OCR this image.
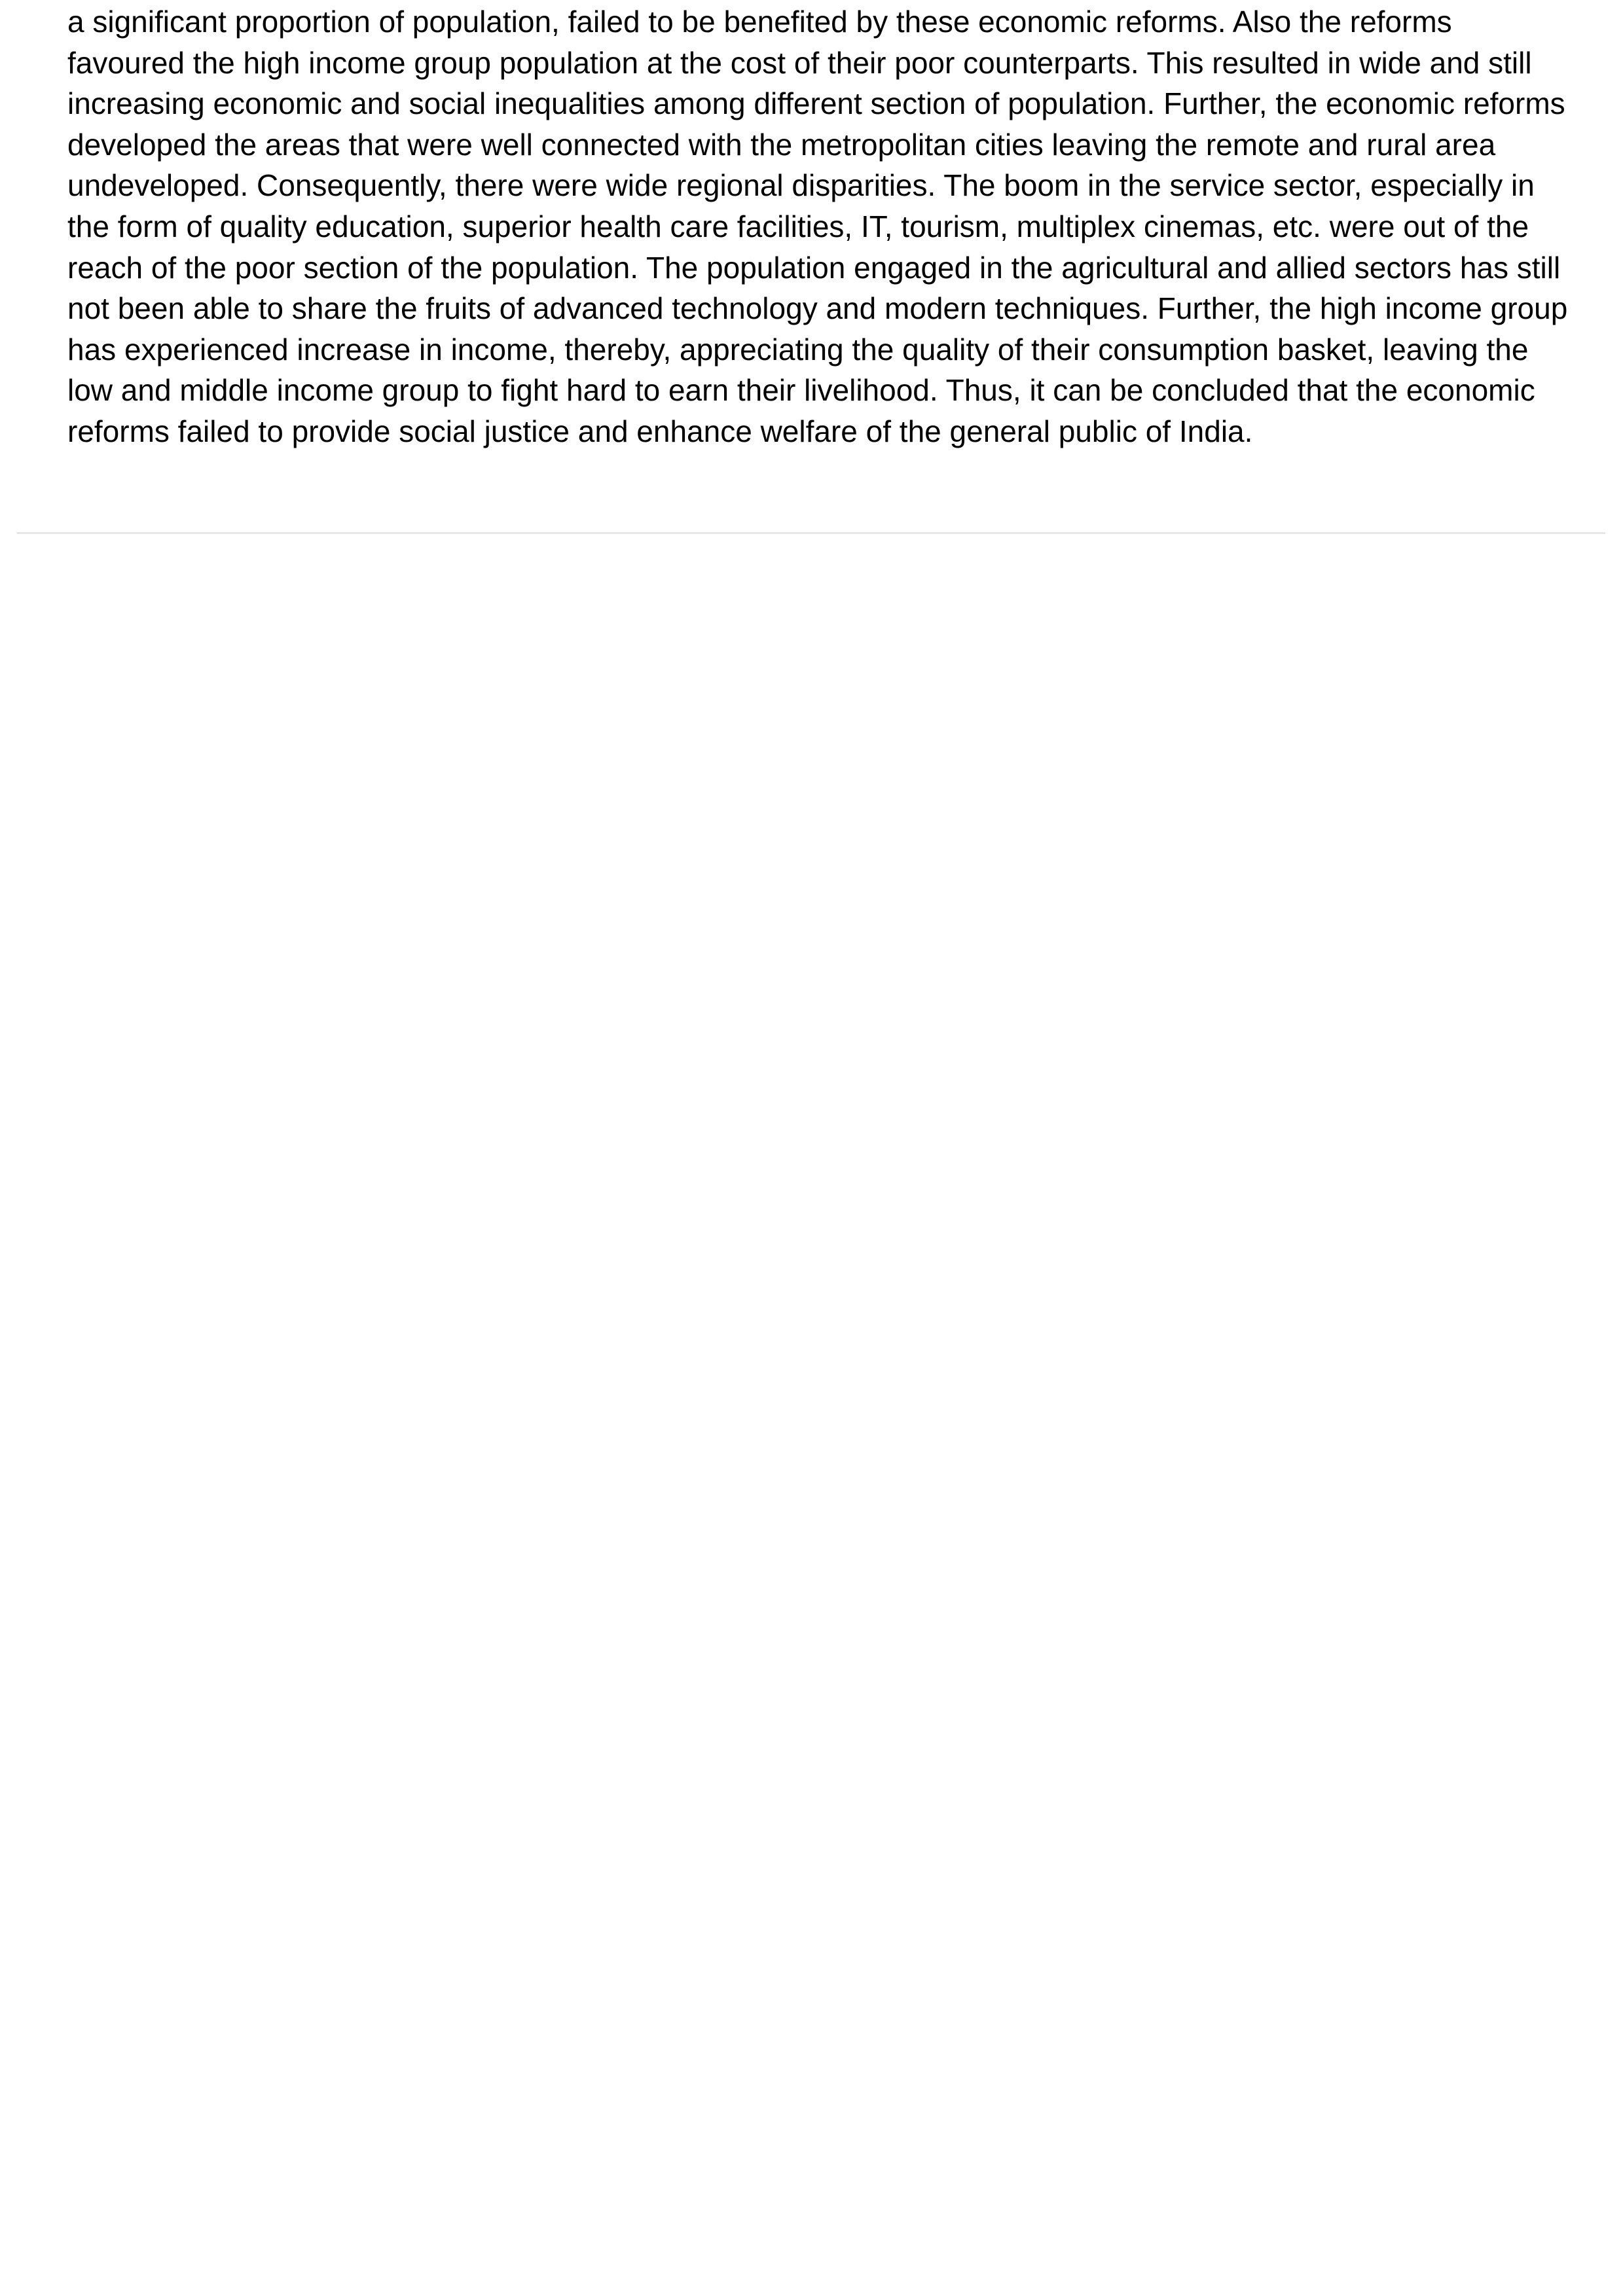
a significant proportion of population, failed to be benefited by these economic reforms. Also the reforms
favoured the high income group population at the cost of their poor counterparts. This resulted in wide and still
increasing economic and social inequalities among different section of population. Further, the economic reforms
developed the areas that were well connected with the metropolitan cities leaving the remote and rural area
undeveloped. Consequently, there were wide regional disparities. The boom in the service sector, especially in
the form of quality education, superior health care facilities, IT, tourism, multiplex cinemas, etc. were out of the
reach of the poor section of the population. The population engaged in the agricultural and allied sectors has still
not been able to share the fruits of advanced technology and modern techniques. Further, the high income group
has experienced increase in income, thereby, appreciating the quality of their consumption basket, leaving the
low and middle income group to fight hard to earn their livelihood. Thus, it can be concluded that the economic
reforms failed to provide social justice and enhance welfare of the general public of India.
